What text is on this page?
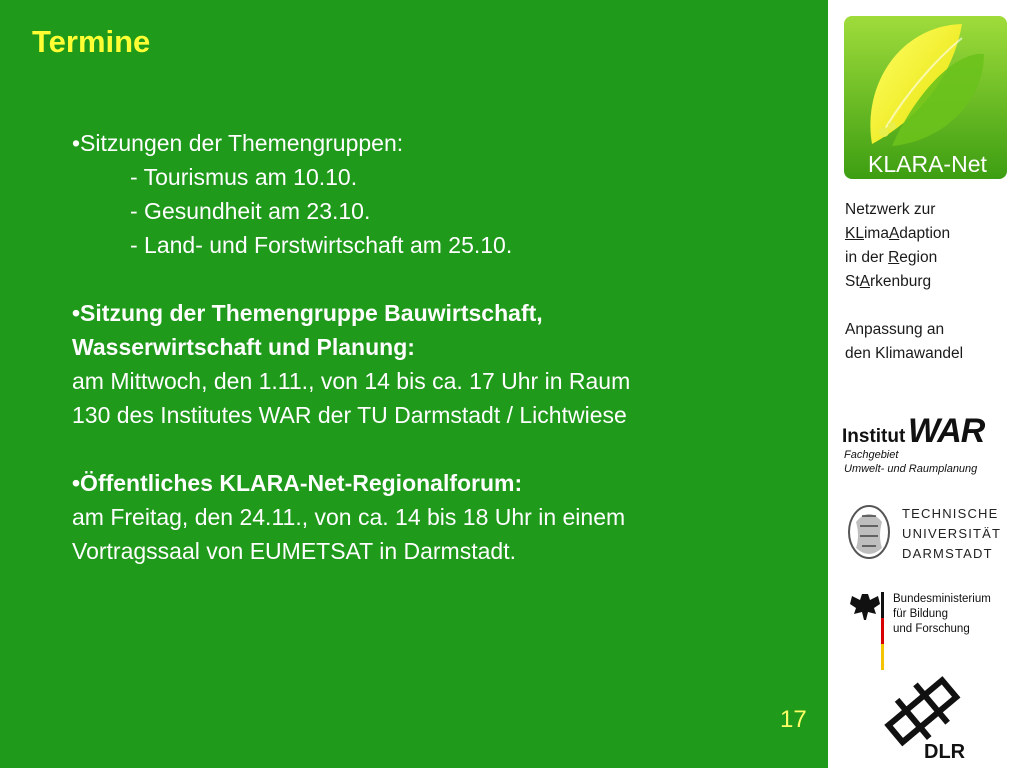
Termine
•Sitzungen der Themengruppen:
- Tourismus am 10.10.
- Gesundheit am 23.10.
- Land- und Forstwirtschaft am 25.10.
•Sitzung der Themengruppe Bauwirtschaft,
Wasserwirtschaft und Planung:
am Mittwoch, den 1.11., von 14 bis ca. 17 Uhr in Raum
130 des Institutes WAR der TU Darmstadt / Lichtwiese
•Öffentliches KLARA-Net-Regionalforum:
am Freitag, den 24.11., von ca. 14 bis 18 Uhr in einem
Vortragssaal von EUMETSAT in Darmstadt.
17
KLARA-Net
Netzwerk zur
KLimaAdaption
in der Region
StArkenburg
Anpassung an
den Klimawandel
Institut WAR
Fachgebiet
Umwelt- und Raumplanung
TECHNISCHE
UNIVERSITÄT
DARMSTADT
Bundesministerium
für Bildung
und Forschung
DLR
